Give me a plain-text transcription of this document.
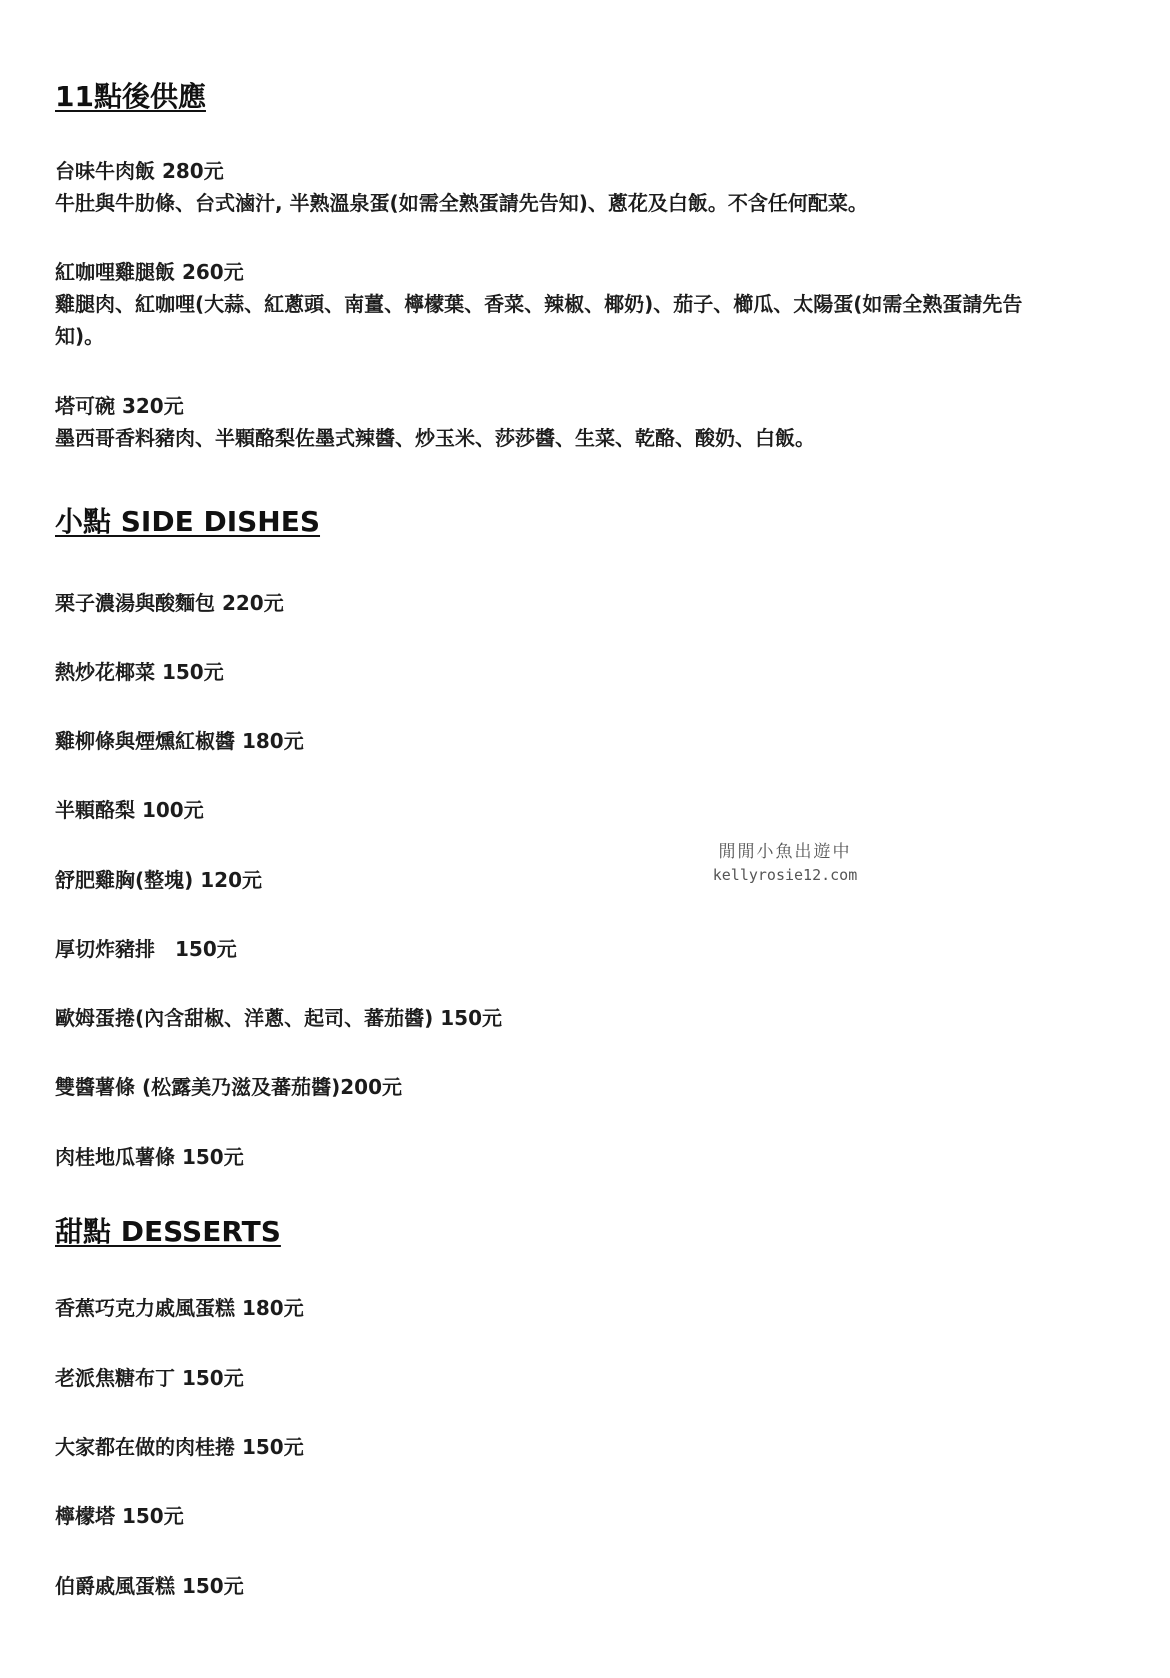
11點後供應

台味牛肉飯 280元

牛肚與牛肋條、台式滷汁, 半熟溫泉蛋(如需全熟蛋請先告知)、蔥花及白飯。不含任何配菜。

紅咖哩雞腿飯 260元

雞腿肉、紅咖哩(大蒜、紅蔥頭、南薑、檸檬葉、香菜、辣椒、椰奶)、茄子、櫛瓜、太陽蛋(如需全熟蛋請先告知)。

塔可碗 320元

墨西哥香料豬肉、半顆酪梨佐墨式辣醬、炒玉米、莎莎醬、生菜、乾酪、酸奶、白飯。

小點 SIDE DISHES

栗子濃湯與酸麵包 220元

熱炒花椰菜 150元

雞柳條與煙燻紅椒醬 180元

半顆酪梨 100元

舒肥雞胸(整塊) 120元

厚切炸豬排　150元

歐姆蛋捲(內含甜椒、洋蔥、起司、蕃茄醬) 150元

雙醬薯條 (松露美乃滋及蕃茄醬)200元

肉桂地瓜薯條 150元

甜點 DESSERTS

香蕉巧克力戚風蛋糕 180元

老派焦糖布丁 150元

大家都在做的肉桂捲 150元

檸檬塔 150元

伯爵戚風蛋糕 150元

閒閒小魚出遊中
kellyrosie12.com
